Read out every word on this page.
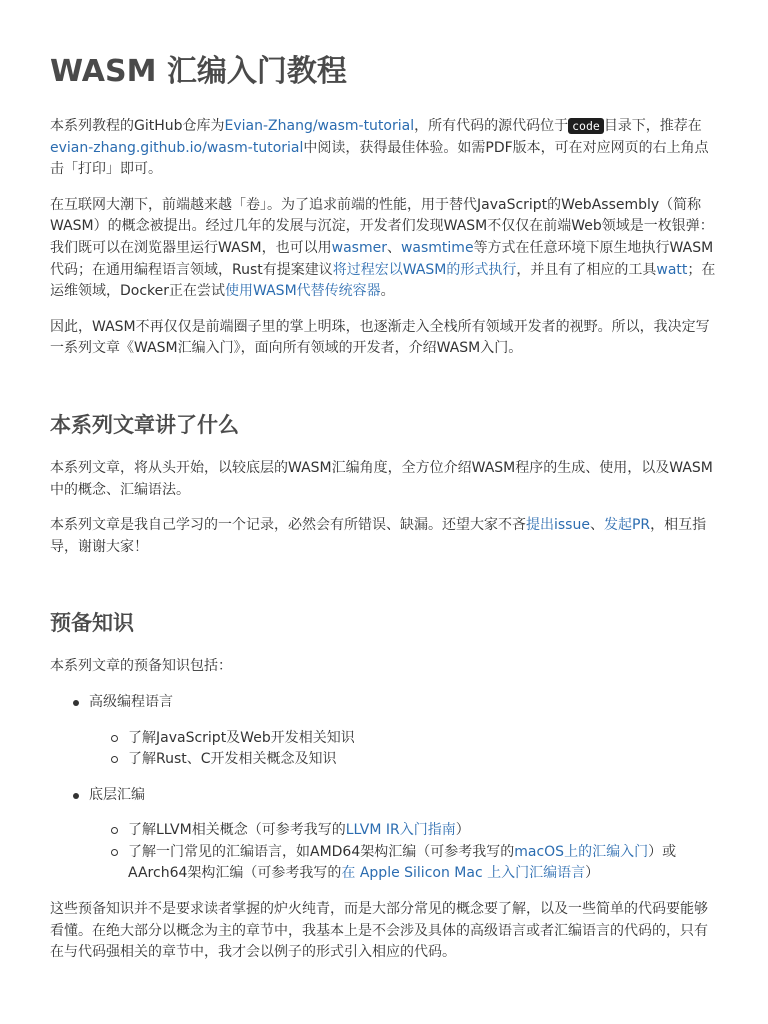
WASM 汇编入门教程

本系列教程的GitHub仓库为Evian-Zhang/wasm-tutorial，所有代码的源代码位于 code 目录下，推荐在evian-zhang.github.io/wasm-tutorial中阅读，获得最佳体验。如需PDF版本，可在对应网页的右上角点击「打印」即可。

在互联网大潮下，前端越来越「卷」。为了追求前端的性能，用于替代JavaScript的WebAssembly（简称WASM）的概念被提出。经过几年的发展与沉淀，开发者们发现WASM不仅仅在前端Web领域是一枚银弹：我们既可以在浏览器里运行WASM，也可以用wasmer、wasmtime等方式在任意环境下原生地执行WASM代码；在通用编程语言领域，Rust有提案建议将过程宏以WASM的形式执行，并且有了相应的工具watt；在运维领域，Docker正在尝试使用WASM代替传统容器。

因此，WASM不再仅仅是前端圈子里的掌上明珠，也逐渐走入全栈所有领域开发者的视野。所以，我决定写一系列文章《WASM汇编入门》，面向所有领域的开发者，介绍WASM入门。

本系列文章讲了什么

本系列文章，将从头开始，以较底层的WASM汇编角度，全方位介绍WASM程序的生成、使用，以及WASM中的概念、汇编语法。

本系列文章是我自己学习的一个记录，必然会有所错误、缺漏。还望大家不吝提出issue、发起PR，相互指导，谢谢大家！

预备知识

本系列文章的预备知识包括：

高级编程语言
了解JavaScript及Web开发相关知识
了解Rust、C开发相关概念及知识
底层汇编
了解LLVM相关概念（可参考我写的LLVM IR入门指南）
了解一门常见的汇编语言，如AMD64架构汇编（可参考我写的macOS上的汇编入门）或AArch64架构汇编（可参考我写的在 Apple Silicon Mac 上入门汇编语言）

这些预备知识并不是要求读者掌握的炉火纯青，而是大部分常见的概念要了解，以及一些简单的代码要能够看懂。在绝大部分以概念为主的章节中，我基本上是不会涉及具体的高级语言或者汇编语言的代码的，只有在与代码强相关的章节中，我才会以例子的形式引入相应的代码。
